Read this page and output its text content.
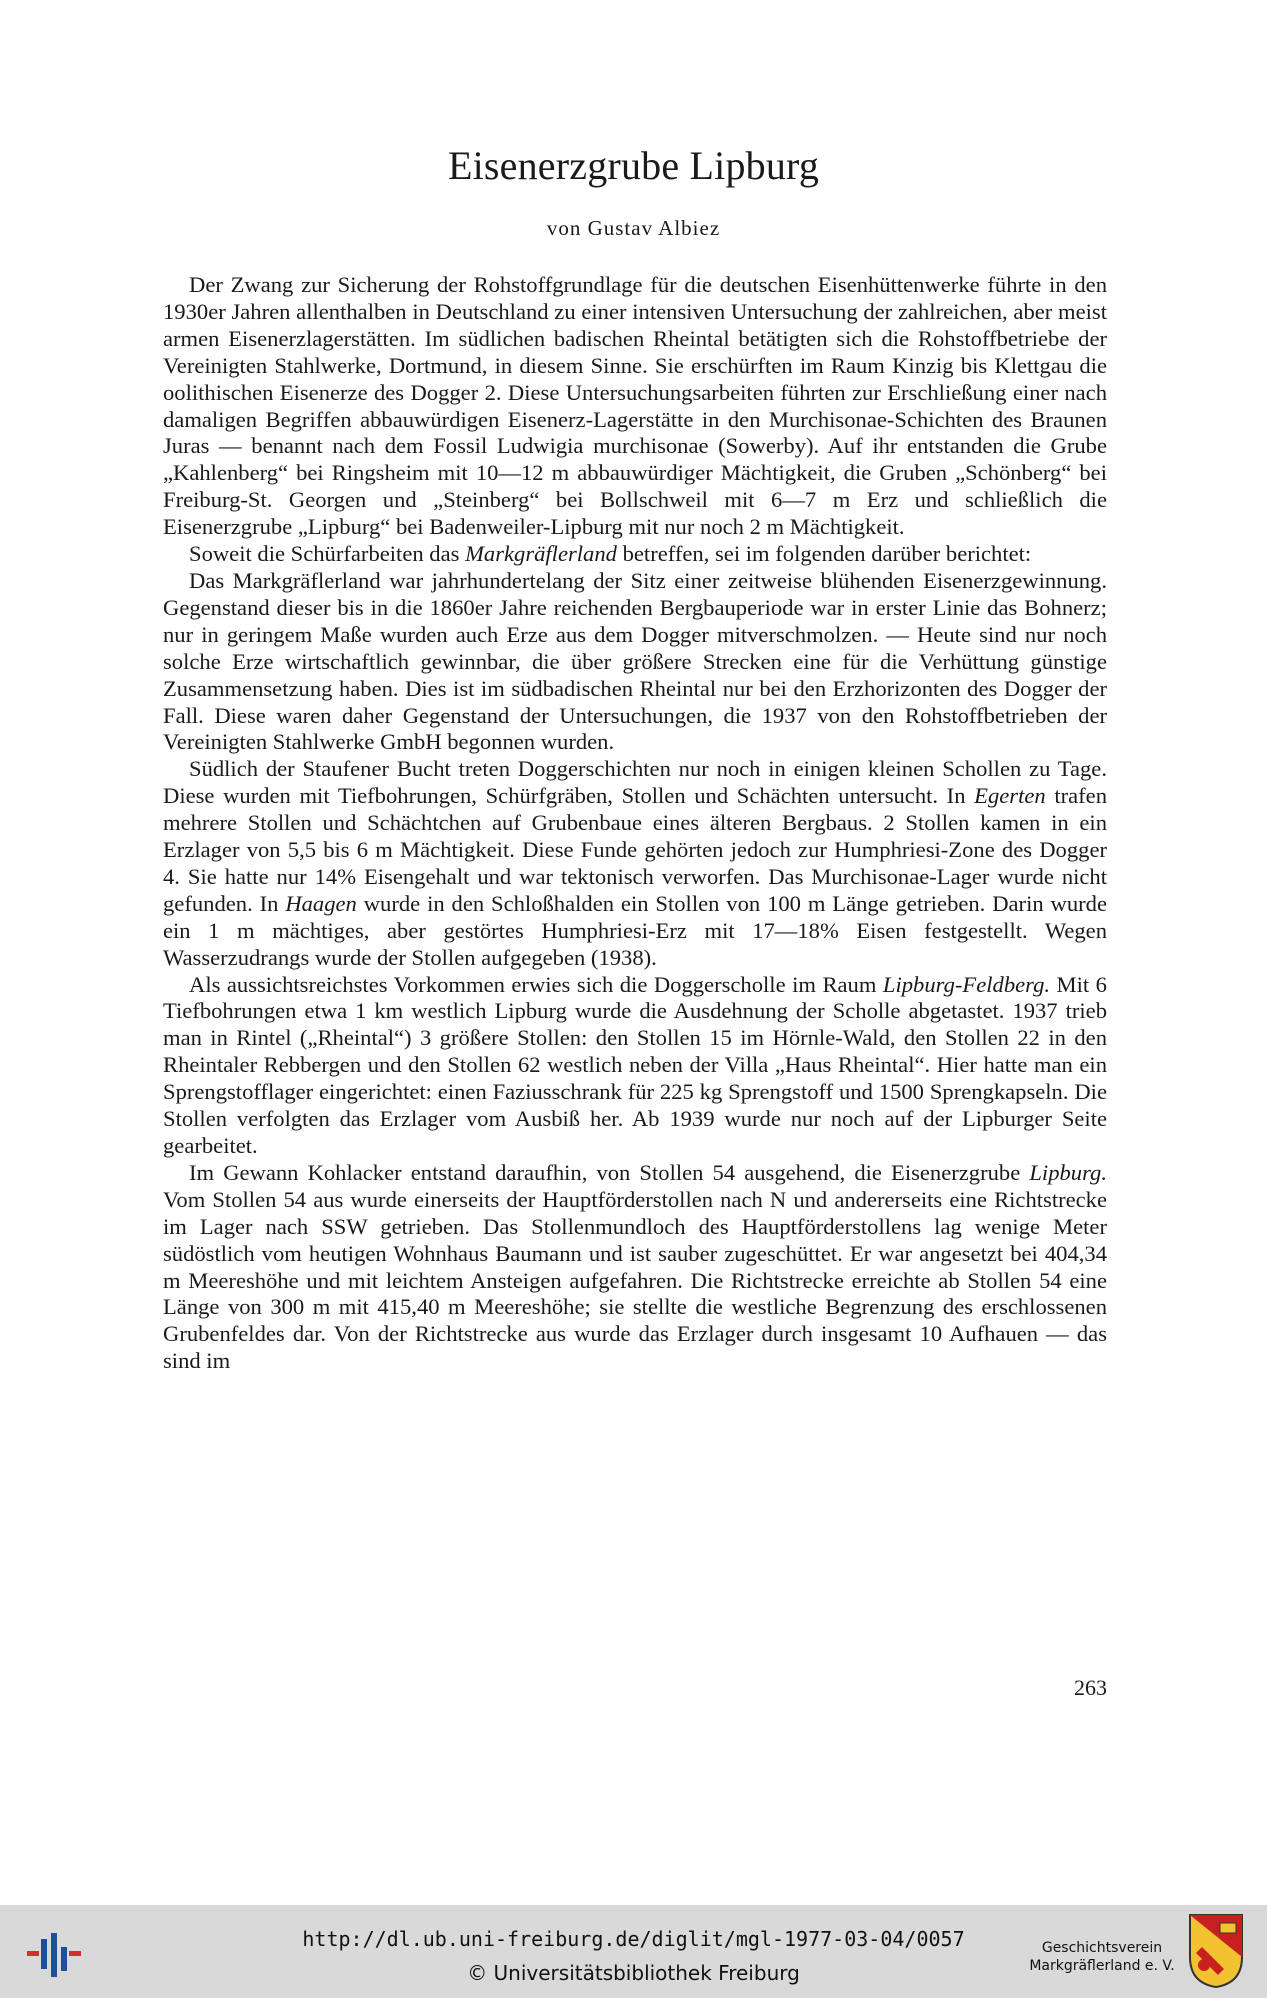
Eisenerzgrube Lipburg
von Gustav Albiez

Der Zwang zur Sicherung der Rohstoffgrundlage für die deutschen Eisenhüttenwerke führte in den 1930er Jahren allenthalben in Deutschland zu einer intensiven Untersuchung der zahlreichen, aber meist armen Eisenerzlagerstätten. Im südlichen badischen Rheintal betätigten sich die Rohstoffbetriebe der Vereinigten Stahlwerke, Dortmund, in diesem Sinne. Sie erschürften im Raum Kinzig bis Klettgau die oolithischen Eisenerze des Dogger 2. Diese Untersuchungsarbeiten führten zur Erschließung einer nach damaligen Begriffen abbauwürdigen Eisenerz-Lagerstätte in den Murchisonae-Schichten des Braunen Juras — benannt nach dem Fossil Ludwigia murchisonae (Sowerby). Auf ihr entstanden die Grube „Kahlenberg“ bei Ringsheim mit 10—12 m abbauwürdiger Mächtigkeit, die Gruben „Schönberg“ bei Freiburg-St. Georgen und „Steinberg“ bei Bollschweil mit 6—7 m Erz und schließlich die Eisenerzgrube „Lipburg“ bei Badenweiler-Lipburg mit nur noch 2 m Mächtigkeit.

Soweit die Schürfarbeiten das Markgräflerland betreffen, sei im folgenden darüber berichtet:

Das Markgräflerland war jahrhundertelang der Sitz einer zeitweise blühenden Eisenerzgewinnung. Gegenstand dieser bis in die 1860er Jahre reichenden Bergbauperiode war in erster Linie das Bohnerz; nur in geringem Maße wurden auch Erze aus dem Dogger mitverschmolzen. — Heute sind nur noch solche Erze wirtschaftlich gewinnbar, die über größere Strecken eine für die Verhüttung günstige Zusammensetzung haben. Dies ist im südbadischen Rheintal nur bei den Erzhorizonten des Dogger der Fall. Diese waren daher Gegenstand der Untersuchungen, die 1937 von den Rohstoffbetrieben der Vereinigten Stahlwerke GmbH begonnen wurden.

Südlich der Staufener Bucht treten Doggerschichten nur noch in einigen kleinen Schollen zu Tage. Diese wurden mit Tiefbohrungen, Schürfgräben, Stollen und Schächten untersucht. In Egerten trafen mehrere Stollen und Schächtchen auf Grubenbaue eines älteren Bergbaus. 2 Stollen kamen in ein Erzlager von 5,5 bis 6 m Mächtigkeit. Diese Funde gehörten jedoch zur Humphriesi-Zone des Dogger 4. Sie hatte nur 14% Eisengehalt und war tektonisch verworfen. Das Murchisonae-Lager wurde nicht gefunden. In Haagen wurde in den Schloßhalden ein Stollen von 100 m Länge getrieben. Darin wurde ein 1 m mächtiges, aber gestörtes Humphriesi-Erz mit 17—18% Eisen festgestellt. Wegen Wasserzudrangs wurde der Stollen aufgegeben (1938).

Als aussichtsreichstes Vorkommen erwies sich die Doggerscholle im Raum Lipburg-Feldberg. Mit 6 Tiefbohrungen etwa 1 km westlich Lipburg wurde die Ausdehnung der Scholle abgetastet. 1937 trieb man in Rintel („Rheintal“) 3 größere Stollen: den Stollen 15 im Hörnle-Wald, den Stollen 22 in den Rheintaler Rebbergen und den Stollen 62 westlich neben der Villa „Haus Rheintal“. Hier hatte man ein Sprengstofflager eingerichtet: einen Faziusschrank für 225 kg Sprengstoff und 1500 Sprengkapseln. Die Stollen verfolgten das Erzlager vom Ausbiß her. Ab 1939 wurde nur noch auf der Lipburger Seite gearbeitet.

Im Gewann Kohlacker entstand daraufhin, von Stollen 54 ausgehend, die Eisenerzgrube Lipburg. Vom Stollen 54 aus wurde einerseits der Hauptförderstollen nach N und andererseits eine Richtstrecke im Lager nach SSW getrieben. Das Stollenmundloch des Hauptförderstollens lag wenige Meter südöstlich vom heutigen Wohnhaus Baumann und ist sauber zugeschüttet. Er war angesetzt bei 404,34 m Meereshöhe und mit leichtem Ansteigen aufgefahren. Die Richtstrecke erreichte ab Stollen 54 eine Länge von 300 m mit 415,40 m Meereshöhe; sie stellte die westliche Begrenzung des erschlossenen Grubenfeldes dar. Von der Richtstrecke aus wurde das Erzlager durch insgesamt 10 Aufhauen — das sind im

263
http://dl.ub.uni-freiburg.de/diglit/mgl-1977-03-04/0057
© Universitätsbibliothek Freiburg
Geschichtsverein
Markgräflerland e. V.
